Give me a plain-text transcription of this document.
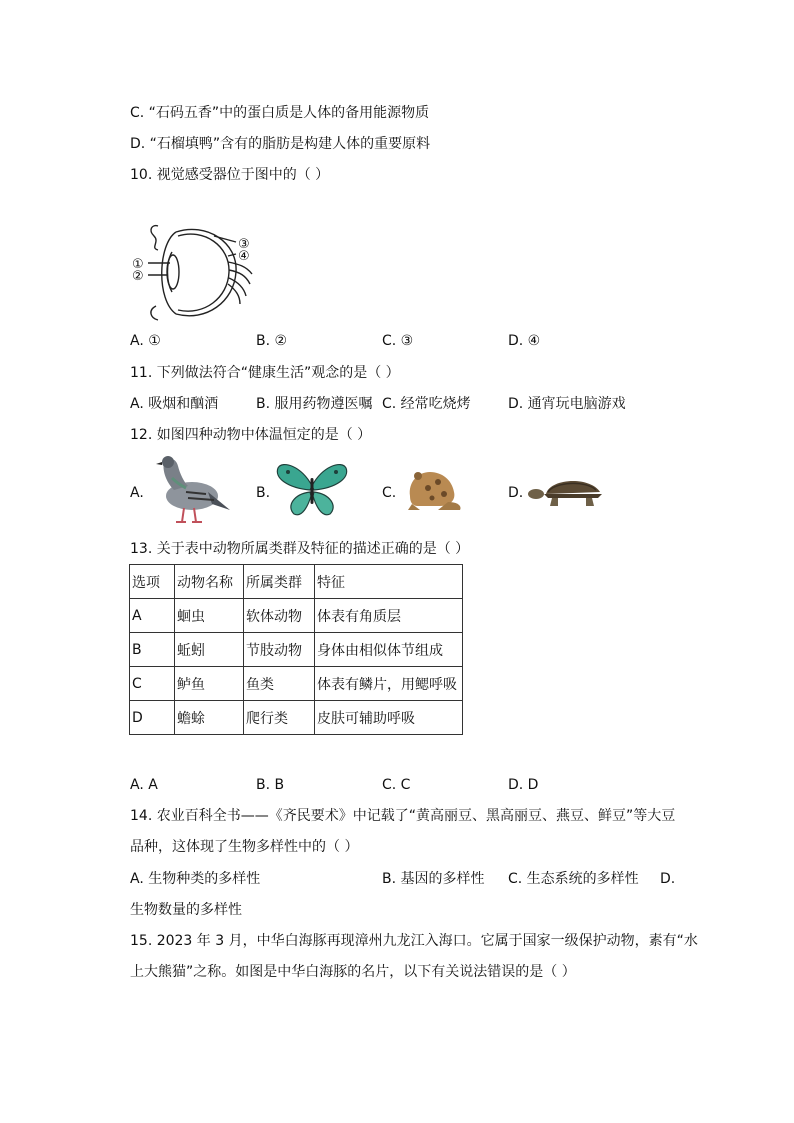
C. “石码五香”中的蛋白质是人体的备用能源物质
D. “石榴填鸭”含有的脂肪是构建人体的重要原料
10. 视觉感受器位于图中的（ ）
①
②
③
④
A. ①	B. ②	C. ③	D. ④
11. 下列做法符合“健康生活”观念的是（ ）
A. 吸烟和酗酒	B. 服用药物遵医嘱 C. 经常吃烧烤	D. 通宵玩电脑游戏
12. 如图四种动物中体温恒定的是（ ）
A.	B.	C.	D.
13. 关于表中动物所属类群及特征的描述正确的是（ ）
选项	动物名称	所属类群	特征
A	蛔虫	软体动物	体表有角质层
B	蚯蚓	节肢动物	身体由相似体节组成
C	鲈鱼	鱼类	体表有鳞片，用鳃呼吸
D	蟾蜍	爬行类	皮肤可辅助呼吸
A. A	B. B	C. C	D. D
14. 农业百科全书——《齐民要术》中记载了“黄高丽豆、黑高丽豆、燕豆、鲜豆”等大豆
品种，这体现了生物多样性中的（ ）
A. 生物种类的多样性	B. 基因的多样性 C. 生态系统的多样性 D.
生物数量的多样性
15. 2023 年 3 月，中华白海豚再现漳州九龙江入海口。它属于国家一级保护动物，素有“水
上大熊猫”之称。如图是中华白海豚的名片，以下有关说法错误的是（ ）
